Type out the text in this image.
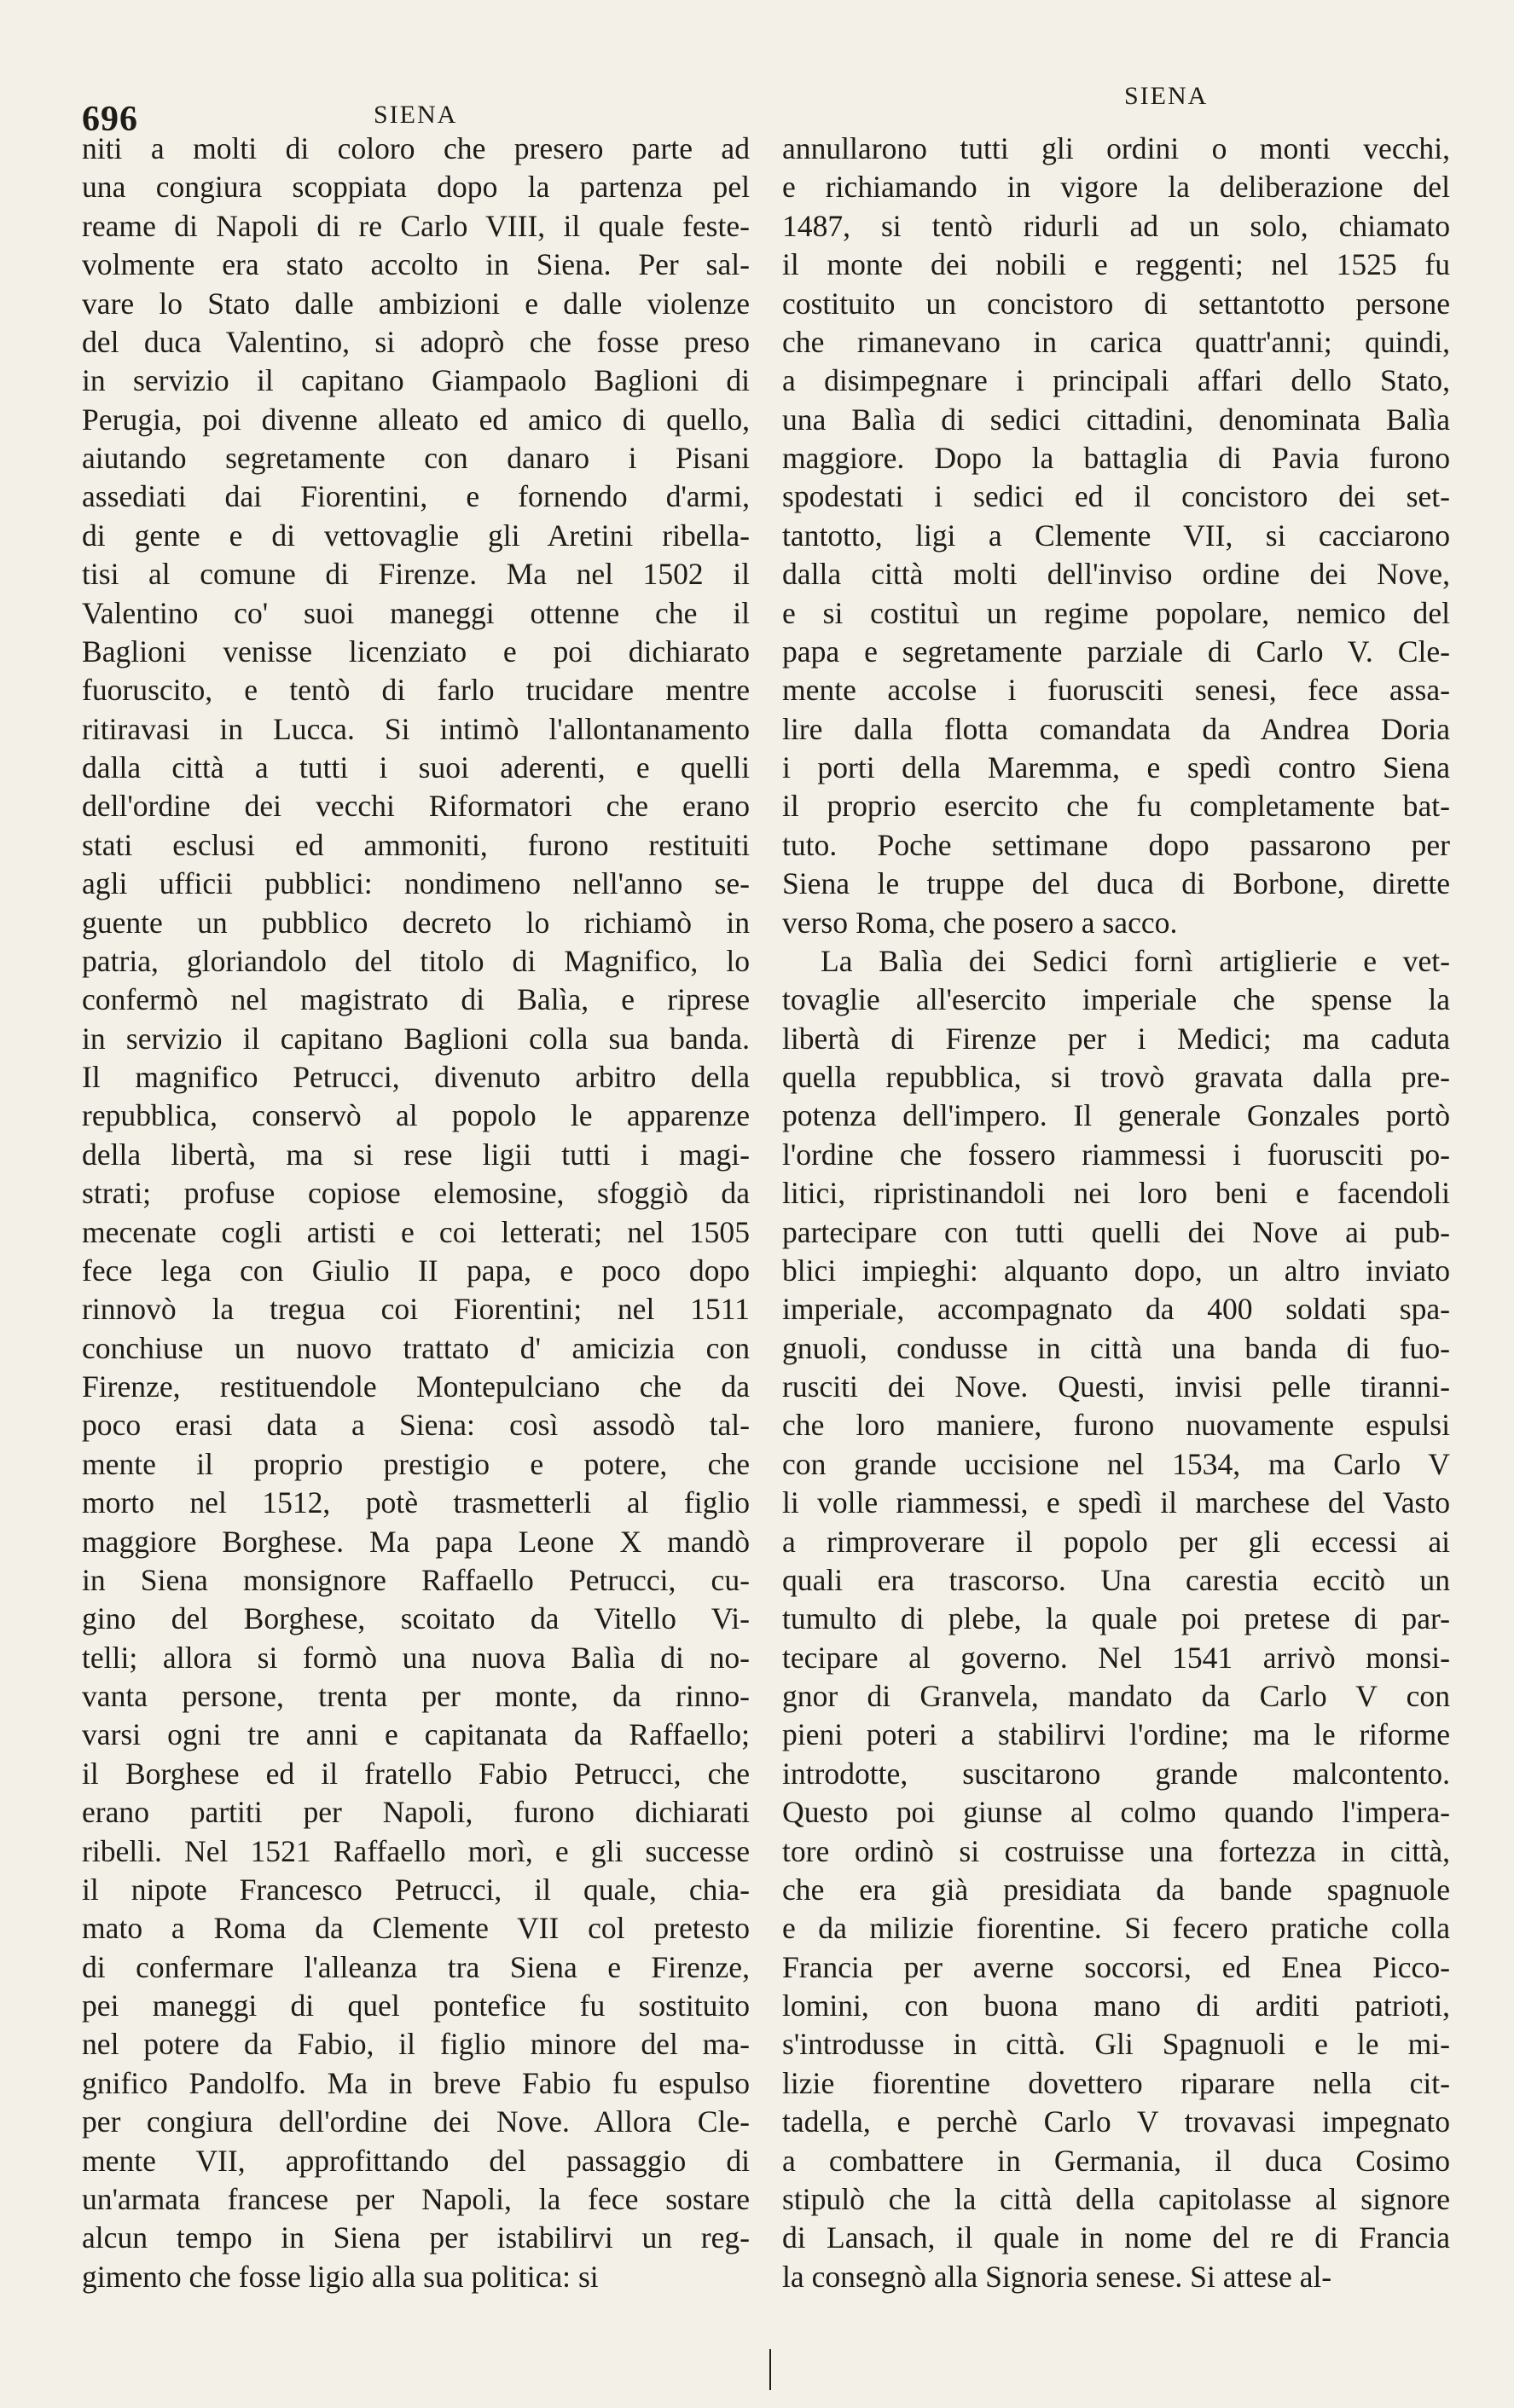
696	SIENA
SIENA
niti a molti di coloro che presero parte ad
una congiura scoppiata dopo la partenza pel
reame di Napoli di re Carlo VIII, il quale feste-
volmente era stato accolto in Siena. Per sal-
vare lo Stato dalle ambizioni e dalle violenze
del duca Valentino, si adoprò che fosse preso
in servizio il capitano Giampaolo Baglioni di
Perugia, poi divenne alleato ed amico di quello,
aiutando segretamente con danaro i Pisani
assediati dai Fiorentini, e fornendo d'armi,
di gente e di vettovaglie gli Aretini ribella-
tisi al comune di Firenze. Ma nel 1502 il
Valentino co' suoi maneggi ottenne che il
Baglioni venisse licenziato e poi dichiarato
fuoruscito, e tentò di farlo trucidare mentre
ritiravasi in Lucca. Si intimò l'allontanamento
dalla città a tutti i suoi aderenti, e quelli
dell'ordine dei vecchi Riformatori che erano
stati esclusi ed ammoniti, furono restituiti
agli ufficii pubblici: nondimeno nell'anno se-
guente un pubblico decreto lo richiamò in
patria, gloriandolo del titolo di Magnifico, lo
confermò nel magistrato di Balìa, e riprese
in servizio il capitano Baglioni colla sua banda.
Il magnifico Petrucci, divenuto arbitro della
repubblica, conservò al popolo le apparenze
della libertà, ma si rese ligii tutti i magi-
strati; profuse copiose elemosine, sfoggiò da
mecenate cogli artisti e coi letterati; nel 1505
fece lega con Giulio II papa, e poco dopo
rinnovò la tregua coi Fiorentini; nel 1511
conchiuse un nuovo trattato d' amicizia con
Firenze, restituendole Montepulciano che da
poco erasi data a Siena: così assodò tal-
mente il proprio prestigio e potere, che
morto nel 1512, potè trasmetterli al figlio
maggiore Borghese. Ma papa Leone X mandò
in Siena monsignore Raffaello Petrucci, cu-
gino del Borghese, scoitato da Vitello Vi-
telli; allora si formò una nuova Balìa di no-
vanta persone, trenta per monte, da rinno-
varsi ogni tre anni e capitanata da Raffaello;
il Borghese ed il fratello Fabio Petrucci, che
erano partiti per Napoli, furono dichiarati
ribelli. Nel 1521 Raffaello morì, e gli successe
il nipote Francesco Petrucci, il quale, chia-
mato a Roma da Clemente VII col pretesto
di confermare l'alleanza tra Siena e Firenze,
pei maneggi di quel pontefice fu sostituito
nel potere da Fabio, il figlio minore del ma-
gnifico Pandolfo. Ma in breve Fabio fu espulso
per congiura dell'ordine dei Nove. Allora Cle-
mente VII, approfittando del passaggio di
un'armata francese per Napoli, la fece sostare
alcun tempo in Siena per istabilirvi un reg-
gimento che fosse ligio alla sua politica: si
annullarono tutti gli ordini o monti vecchi,
e richiamando in vigore la deliberazione del
1487, si tentò ridurli ad un solo, chiamato
il monte dei nobili e reggenti; nel 1525 fu
costituito un concistoro di settantotto persone
che rimanevano in carica quattr'anni; quindi,
a disimpegnare i principali affari dello Stato,
una Balìa di sedici cittadini, denominata Balìa
maggiore. Dopo la battaglia di Pavia furono
spodestati i sedici ed il concistoro dei set-
tantotto, ligi a Clemente VII, si cacciarono
dalla città molti dell'inviso ordine dei Nove,
e si costituì un regime popolare, nemico del
papa e segretamente parziale di Carlo V. Cle-
mente accolse i fuorusciti senesi, fece assa-
lire dalla flotta comandata da Andrea Doria
i porti della Maremma, e spedì contro Siena
il proprio esercito che fu completamente bat-
tuto. Poche settimane dopo passarono per
Siena le truppe del duca di Borbone, dirette
verso Roma, che posero a sacco.
La Balìa dei Sedici fornì artiglierie e vet-
tovaglie all'esercito imperiale che spense la
libertà di Firenze per i Medici; ma caduta
quella repubblica, si trovò gravata dalla pre-
potenza dell'impero. Il generale Gonzales portò
l'ordine che fossero riammessi i fuorusciti po-
litici, ripristinandoli nei loro beni e facendoli
partecipare con tutti quelli dei Nove ai pub-
blici impieghi: alquanto dopo, un altro inviato
imperiale, accompagnato da 400 soldati spa-
gnuoli, condusse in città una banda di fuo-
rusciti dei Nove. Questi, invisi pelle tiranni-
che loro maniere, furono nuovamente espulsi
con grande uccisione nel 1534, ma Carlo V
li volle riammessi, e spedì il marchese del Vasto
a rimproverare il popolo per gli eccessi ai
quali era trascorso. Una carestia eccitò un
tumulto di plebe, la quale poi pretese di par-
tecipare al governo. Nel 1541 arrivò monsi-
gnor di Granvela, mandato da Carlo V con
pieni poteri a stabilirvi l'ordine; ma le riforme
introdotte, suscitarono grande malcontento.
Questo poi giunse al colmo quando l'impera-
tore ordinò si costruisse una fortezza in città,
che era già presidiata da bande spagnuole
e da milizie fiorentine. Si fecero pratiche colla
Francia per averne soccorsi, ed Enea Picco-
lomini, con buona mano di arditi patrioti,
s'introdusse in città. Gli Spagnuoli e le mi-
lizie fiorentine dovettero riparare nella cit-
tadella, e perchè Carlo V trovavasi impegnato
a combattere in Germania, il duca Cosimo
stipulò che la città della capitolasse al signore
di Lansach, il quale in nome del re di Francia
la consegnò alla Signoria senese. Si attese al-
